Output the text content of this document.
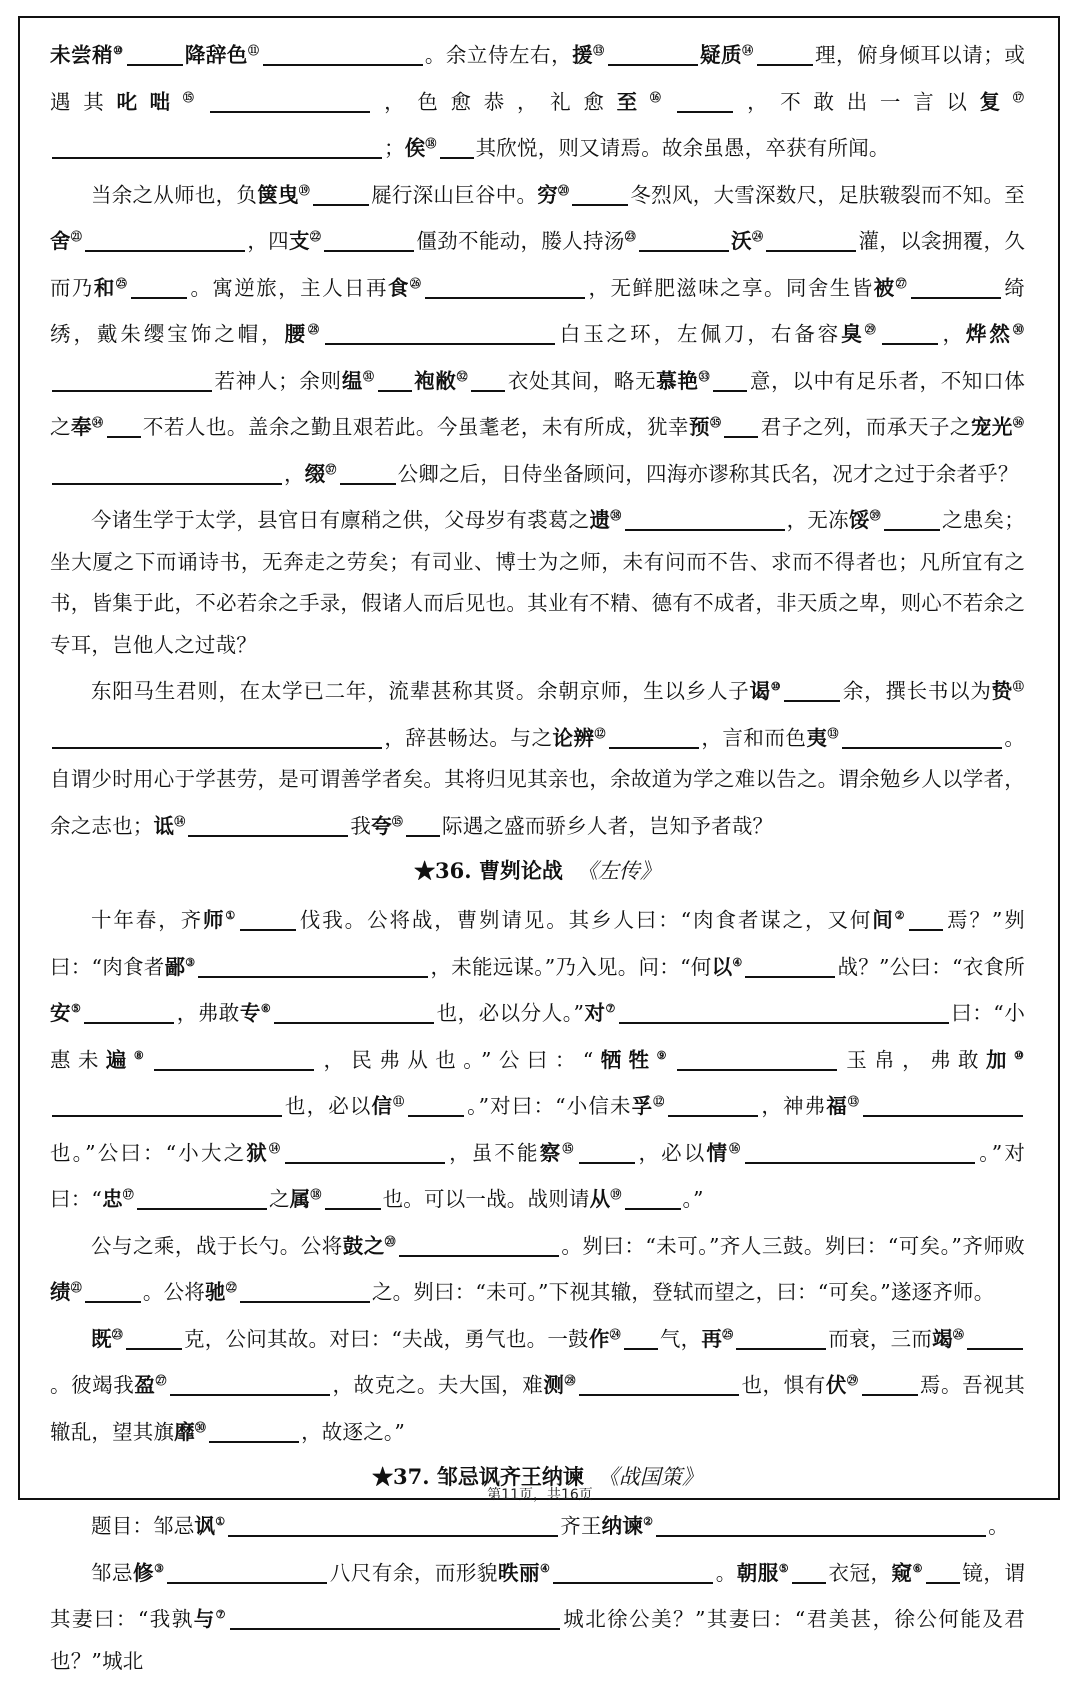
未尝稍⑩	降辞色⑪	。余立侍左右，援⑬	疑质⑭	理，俯身倾耳以请；或遇其叱咄⑮	，色愈恭，礼愈至⑯	，不敢出一言以复⑰；俟⑱ 其欣悦，则又请焉。故余虽愚，卒获有所闻。

当余之从师也，负箧曳⑲	屣行深山巨谷中。穷⑳	冬烈风，大雪深数尺，足肤皲裂而不知。至舍$^㉑$	，四支$^㉒$	僵劲不能动，媵人持汤$^㉓$	沃$^㉔$	灌，以衾拥覆，久而乃和$^㉕$	。寓逆旅，主人日再食$^㉖$	，无鲜肥滋味之享。同舍生皆被$^㉗$	绮绣，戴朱缨宝饰之帽，腰$^㉘$	白玉之环，左佩刀，右备容臭$^㉙$	，烨然$^㉚$若神人；余则缊$^㉛$ 袍敝$^㉜$ 衣处其间，略无慕艳$^㉝$ 意，以中有足乐者，不知口体之奉$^㉞$ 不若人也。盖余之勤且艰若此。今虽耄老，未有所成，犹幸预$^㉟$ 君子之列，而承天子之宠光$^㊱$，缀$^㊲$	公卿之后，日侍坐备顾问，四海亦谬称其氏名，况才之过于余者乎？

今诸生学于太学，县官日有廪稍之供，父母岁有裘葛之遗$^㊳$	，无冻馁$^㊴$	之患矣；坐大厦之下而诵诗书，无奔走之劳矣；有司业、博士为之师，未有问而不告、求而不得者也；凡所宜有之书，皆集于此，不必若余之手录，假诸人而后见也。其业有不精、德有不成者，非天质之卑，则心不若余之专耳，岂他人之过哉？

东阳马生君则，在太学已二年，流辈甚称其贤。余朝京师，生以乡人子谒⑩	余，撰长书以为贽⑪，辞甚畅达。与之论辨⑫	，言和而色夷⑬	。自谓少时用心于学甚劳，是可谓善学者矣。其将归见其亲也，余故道为学之难以告之。谓余勉乡人以学者，余之志也；诋⑭	我夸⑮ 际遇之盛而骄乡人者，岂知予者哉？

★36. 曹刿论战 《左传》

十年春，齐师①	伐我。公将战，曹刿请见。其乡人曰：“肉食者谋之，又何间② 焉？”刿曰：“肉食者鄙③	，未能远谋。”乃入见。问：“何以④	战？”公曰：“衣食所安⑤	，弗敢专⑥	也，必以分人。”对⑦	曰：“小惠未遍⑧	，民弗从也。”公曰：“牺牲⑨	玉帛，弗敢加⑩也，必以信⑪	。”对曰：“小信未孚⑫	，神弗福⑬也。”公曰：“小大之狱⑭	，虽不能察⑮	，必以情⑯	。”对曰：“忠⑰	之属⑱	也。可以一战。战则请从⑲	。”

公与之乘，战于长勺。公将鼓之⑳	。刿曰：“未可。”齐人三鼓。刿曰：“可矣。”齐师败绩$^㉑$	。公将驰$^㉒$	之。刿曰：“未可。”下视其辙，登轼而望之，曰：“可矣。”遂逐齐师。

既$^㉓$	克，公问其故。对曰：“夫战，勇气也。一鼓作$^㉔$ 气，再$^㉕$	而衰，三而竭$^㉖$。彼竭我盈$^㉗$	，故克之。夫大国，难测$^㉘$	也，惧有伏$^㉙$	焉。吾视其辙乱，望其旗靡$^㉚$	，故逐之。”

★37. 邹忌讽齐王纳谏 《战国策》

题目：邹忌讽①	齐王纳谏②	。

邹忌修③	八尺有余，而形貌昳丽④	。朝服⑤ 衣冠，窥⑥ 镜，谓其妻曰：“我孰与⑦	城北徐公美？”其妻曰：“君美甚，徐公何能及君也？”城北

第11页，共16页
